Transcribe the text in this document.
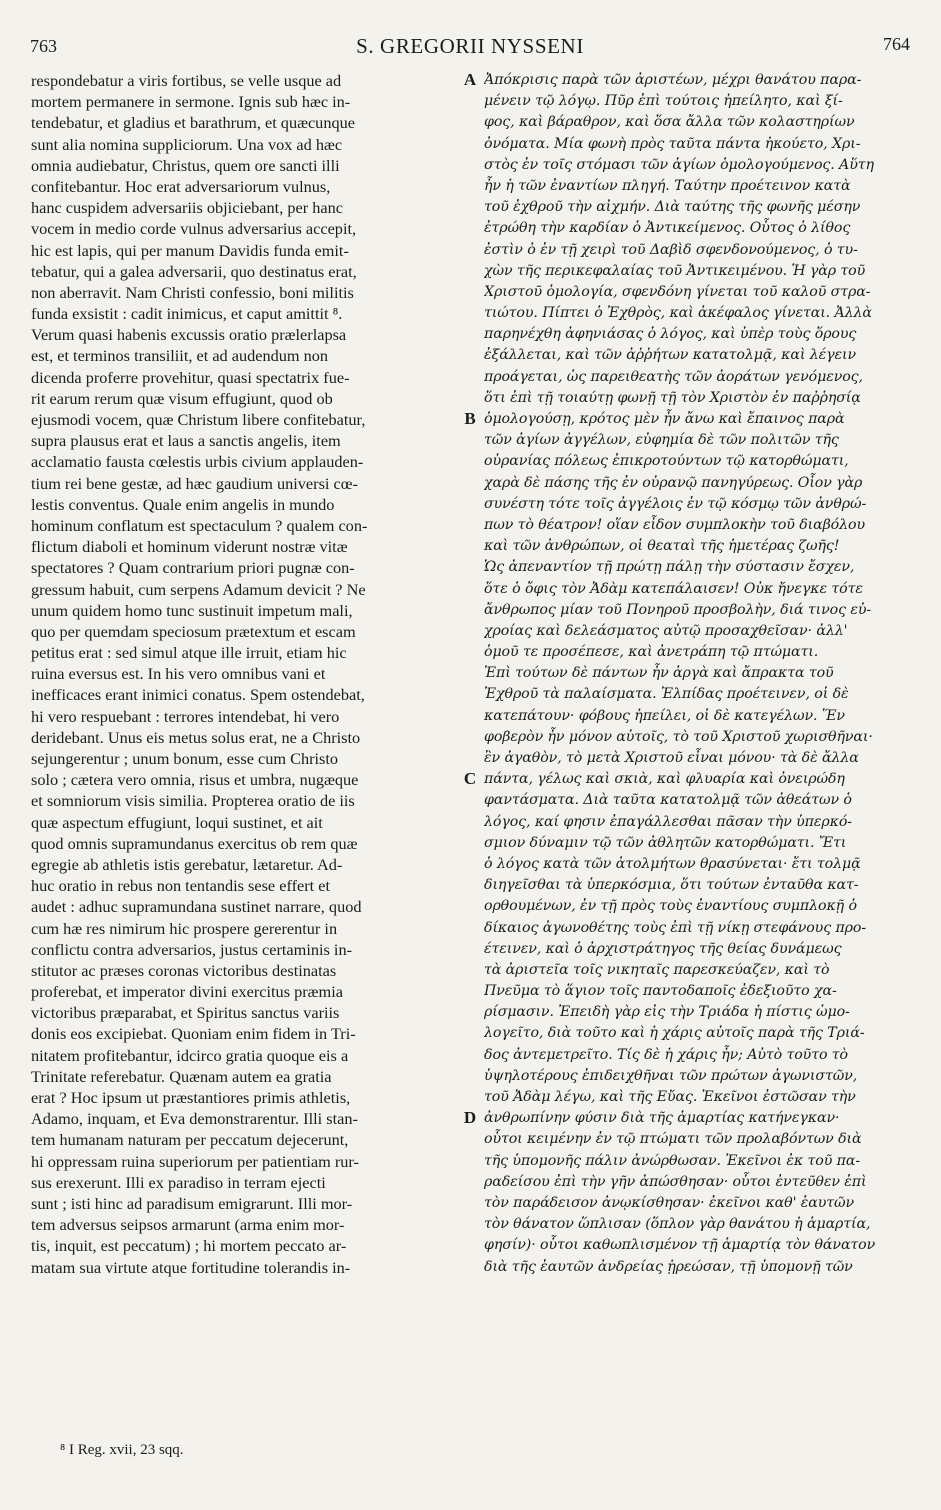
763	S. GREGORII NYSSENI	764
respondebatur a viris fortibus, se velle usque ad
mortem permanere in sermone. Ignis sub hæc in-
tendebatur, et gladius et barathrum, et quæcunque
sunt alia nomina suppliciorum. Una vox ad hæc
omnia audiebatur, Christus, quem ore sancti illi
confitebantur. Hoc erat adversariorum vulnus,
hanc cuspidem adversariis objiciebant, per hanc
vocem in medio corde vulnus adversarius accepit,
hic est lapis, qui per manum Davidis funda emit-
tebatur, qui a galea adversarii, quo destinatus erat,
non aberravit. Nam Christi confessio, boni militis
funda exsistit : cadit inimicus, et caput amittit ⁸.
Verum quasi habenis excussis oratio prælerlapsa
est, et terminos transiliit, et ad audendum non
dicenda proferre provehitur, quasi spectatrix fue-
rit earum rerum quæ visum effugiunt, quod ob
ejusmodi vocem, quæ Christum libere confitebatur,
supra plausus erat et laus a sanctis angelis, item
acclamatio fausta cœlestis urbis civium applauden-
tium rei bene gestæ, ad hæc gaudium universi cœ-
lestis conventus. Quale enim angelis in mundo
hominum conflatum est spectaculum ? qualem con-
flictum diaboli et hominum viderunt nostræ vitæ
spectatores ? Quam contrarium priori pugnæ con-
gressum habuit, cum serpens Adamum devicit ? Ne
unum quidem homo tunc sustinuit impetum mali,
quo per quemdam speciosum prætextum et escam
petitus erat : sed simul atque ille irruit, etiam hic
ruina eversus est. In his vero omnibus vani et
inefficaces erant inimici conatus. Spem ostendebat,
hi vero respuebant : terrores intendebat, hi vero
deridebant. Unus eis metus solus erat, ne a Christo
sejungerentur ; unum bonum, esse cum Christo
solo ; cætera vero omnia, risus et umbra, nugæque
et somniorum visis similia. Propterea oratio de iis
quæ aspectum effugiunt, loqui sustinet, et ait
quod omnis supramundanus exercitus ob rem quæ
egregie ab athletis istis gerebatur, lætaretur. Ad-
huc oratio in rebus non tentandis sese effert et
audet : adhuc supramundana sustinet narrare, quod
cum hæ res nimirum hic prospere gererentur in
conflictu contra adversarios, justus certaminis in-
stitutor ac præses coronas victoribus destinatas
proferebat, et imperator divini exercitus præmia
victoribus præparabat, et Spiritus sanctus variis
donis eos excipiebat. Quoniam enim fidem in Tri-
nitatem profitebantur, idcirco gratia quoque eis a
Trinitate referebatur. Quænam autem ea gratia
erat ? Hoc ipsum ut præstantiores primis athletis,
Adamo, inquam, et Eva demonstrarentur. Illi stan-
tem humanam naturam per peccatum dejecerunt,
hi oppressam ruina superiorum per patientiam rur-
sus erexerunt. Illi ex paradiso in terram ejecti
sunt ; isti hinc ad paradisum emigrarunt. Illi mor-
tem adversus seipsos armarunt (arma enim mor-
tis, inquit, est peccatum) ; hi mortem peccato ar-
matam sua virtute atque fortitudine tolerandis in-
Ἀπόκρισις παρὰ τῶν ἀριστέων, μέχρι θανάτου παρα-
μένειν τῷ λόγῳ. Πῦρ ἐπὶ τούτοις ἠπείλητο, καὶ ξί-
φος, καὶ βάραθρον, καὶ ὅσα ἄλλα τῶν κολαστηρίων
ὀνόματα. Μία φωνὴ πρὸς ταῦτα πάντα ἠκούετο, Χρι-
στὸς ἐν τοῖς στόμασι τῶν ἁγίων ὁμολογούμενος. Αὕτη
ἦν ἡ τῶν ἐναντίων πληγή. Ταύτην προέτεινον κατὰ
τοῦ ἐχθροῦ τὴν αἰχμήν. Διὰ ταύτης τῆς φωνῆς μέσην
ἐτρώθη τὴν καρδίαν ὁ Ἀντικείμενος. Οὗτος ὁ λίθος
ἐστὶν ὁ ἐν τῇ χειρὶ τοῦ Δαβὶδ σφενδονούμενος, ὁ τυ-
χὼν τῆς περικεφαλαίας τοῦ Ἀντικειμένου. Ἡ γὰρ τοῦ
Χριστοῦ ὁμολογία, σφενδόνη γίνεται τοῦ καλοῦ στρα-
τιώτου. Πίπτει ὁ Ἐχθρὸς, καὶ ἀκέφαλος γίνεται. Ἀλλὰ
παρηνέχθη ἀφηνιάσας ὁ λόγος, καὶ ὑπὲρ τοὺς ὅρους
ἐξάλλεται, καὶ τῶν ἀῤῥήτων κατατολμᾷ, καὶ λέγειν
προάγεται, ὡς παρειθεατὴς τῶν ἀοράτων γενόμενος,
ὅτι ἐπὶ τῇ τοιαύτῃ φωνῇ τῇ τὸν Χριστὸν ἐν παῤῥησίᾳ
ὁμολογούσῃ, κρότος μὲν ἦν ἄνω καὶ ἔπαινος παρὰ
τῶν ἁγίων ἀγγέλων, εὐφημία δὲ τῶν πολιτῶν τῆς
οὐρανίας πόλεως ἐπικροτούντων τῷ κατορθώματι,
χαρὰ δὲ πάσης τῆς ἐν οὐρανῷ πανηγύρεως. Οἷον γὰρ
συνέστη τότε τοῖς ἀγγέλοις ἐν τῷ κόσμῳ τῶν ἀνθρώ-
πων τὸ θέατρον! οἵαν εἶδον συμπλοκὴν τοῦ διαβόλου
καὶ τῶν ἀνθρώπων, οἱ θεαταὶ τῆς ἡμετέρας ζωῆς!
Ὡς ἀπεναντίον τῇ πρώτῃ πάλῃ τὴν σύστασιν ἔσχεν,
ὅτε ὁ ὄφις τὸν Ἀδὰμ κατεπάλαισεν! Οὐκ ἤνεγκε τότε
ἄνθρωπος μίαν τοῦ Πονηροῦ προσβολὴν, διά τινος εὐ-
χροίας καὶ δελεάσματος αὐτῷ προσαχθεῖσαν· ἀλλ'
ὁμοῦ τε προσέπεσε, καὶ ἀνετράπη τῷ πτώματι.
Ἐπὶ τούτων δὲ πάντων ἦν ἀργὰ καὶ ἄπρακτα τοῦ
Ἐχθροῦ τὰ παλαίσματα. Ἐλπίδας προέτεινεν, οἱ δὲ
κατεπάτουν· φόβους ἠπείλει, οἱ δὲ κατεγέλων. Ἕν
φοβερὸν ἦν μόνον αὐτοῖς, τὸ τοῦ Χριστοῦ χωρισθῆναι·
ἓν ἀγαθὸν, τὸ μετὰ Χριστοῦ εἶναι μόνου· τὰ δὲ ἄλλα
πάντα, γέλως καὶ σκιὰ, καὶ φλυαρία καὶ ὀνειρώδη
φαντάσματα. Διὰ ταῦτα κατατολμᾷ τῶν ἀθεάτων ὁ
λόγος, καί φησιν ἐπαγάλλεσθαι πᾶσαν τὴν ὑπερκό-
σμιον δύναμιν τῷ τῶν ἀθλητῶν κατορθώματι. Ἔτι
ὁ λόγος κατὰ τῶν ἀτολμήτων θρασύνεται· ἔτι τολμᾷ
διηγεῖσθαι τὰ ὑπερκόσμια, ὅτι τούτων ἐνταῦθα κατ-
ορθουμένων, ἐν τῇ πρὸς τοὺς ἐναντίους συμπλοκῇ ὁ
δίκαιος ἀγωνοθέτης τοὺς ἐπὶ τῇ νίκῃ στεφάνους προ-
έτεινεν, καὶ ὁ ἀρχιστράτηγος τῆς θείας δυνάμεως
τὰ ἀριστεῖα τοῖς νικηταῖς παρεσκεύαζεν, καὶ τὸ
Πνεῦμα τὸ ἅγιον τοῖς παντοδαποῖς ἐδεξιοῦτο χα-
ρίσμασιν. Ἐπειδὴ γὰρ εἰς τὴν Τριάδα ἡ πίστις ὡμο-
λογεῖτο, διὰ τοῦτο καὶ ἡ χάρις αὐτοῖς παρὰ τῆς Τριά-
δος ἀντεμετρεῖτο. Τίς δὲ ἡ χάρις ἦν; Αὐτὸ τοῦτο τὸ
ὑψηλοτέρους ἐπιδειχθῆναι τῶν πρώτων ἀγωνιστῶν,
τοῦ Ἀδὰμ λέγω, καὶ τῆς Εὔας. Ἐκεῖνοι ἐστῶσαν τὴν
ἀνθρωπίνην φύσιν διὰ τῆς ἁμαρτίας κατήνεγκαν·
οὗτοι κειμένην ἐν τῷ πτώματι τῶν προλαβόντων διὰ
τῆς ὑπομονῆς πάλιν ἀνώρθωσαν. Ἐκεῖνοι ἐκ τοῦ πα-
ραδείσου ἐπὶ τὴν γῆν ἀπώσθησαν· οὗτοι ἐντεῦθεν ἐπὶ
τὸν παράδεισον ἀνῳκίσθησαν· ἐκεῖνοι καθ' ἑαυτῶν
τὸν θάνατον ὥπλισαν (ὅπλον γὰρ θανάτου ἡ ἁμαρτία,
φησίν)· οὗτοι καθωπλισμένον τῇ ἁμαρτίᾳ τὸν θάνατον
διὰ τῆς ἑαυτῶν ἀνδρείας ᾑρεώσαν, τῇ ὑπομονῇ τῶν
A
B
C
D
⁸ I Reg. xvii, 23 sqq.
